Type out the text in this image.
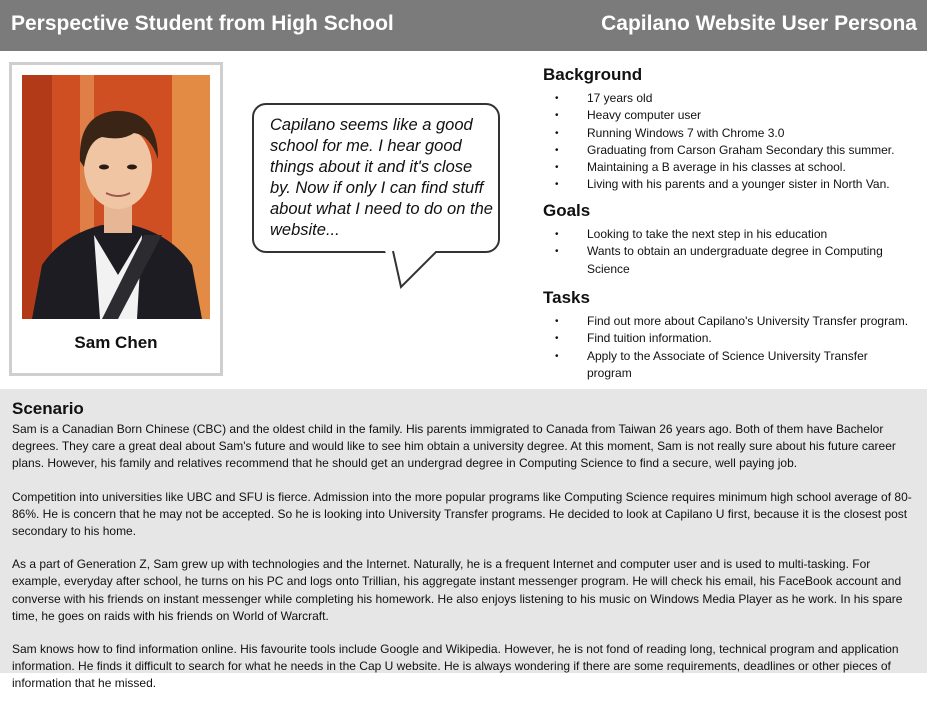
Perspective Student from High School	Capilano Website User Persona
Sam Chen
Capilano seems like a good school for me. I hear good things about it and it's close by. Now if only I can find stuff about what I need to do on the website...
Background
• 17 years old
• Heavy computer user
• Running Windows 7 with Chrome 3.0
• Graduating from Carson Graham Secondary this summer.
• Maintaining a B average in his classes at school.
• Living with his parents and a younger sister in North Van.
Goals
• Looking to take the next step in his education
• Wants to obtain an undergraduate degree in Computing Science
Tasks
• Find out more about Capilano's University Transfer program.
• Find tuition information.
• Apply to the Associate of Science University Transfer program
Scenario

Sam is a Canadian Born Chinese (CBC) and the oldest child in the family. His parents immigrated to Canada from Taiwan 26 years ago. Both of them have Bachelor degrees. They care a great deal about Sam's future and would like to see him obtain a university degree. At this moment, Sam is not really sure about his future career plans. However, his family and relatives recommend that he should get an undergrad degree in Computing Science to find a secure, well paying job.

Competition into universities like UBC and SFU is fierce. Admission into the more popular programs like Computing Science requires minimum high school average of 80-86%. He is concern that he may not be accepted. So he is looking into University Transfer programs. He decided to look at Capilano U first, because it is the closest post secondary to his home.

As a part of Generation Z, Sam grew up with technologies and the Internet. Naturally, he is a frequent Internet and computer user and is used to multi-tasking. For example, everyday after school, he turns on his PC and logs onto Trillian, his aggregate instant messenger program. He will check his email, his FaceBook account and converse with his friends on instant messenger while completing his homework. He also enjoys listening to his music on Windows Media Player as he work. In his spare time, he goes on raids with his friends on World of Warcraft.

Sam knows how to find information online. His favourite tools include Google and Wikipedia. However, he is not fond of reading long, technical program and application information. He finds it difficult to search for what he needs in the Cap U website. He is always wondering if there are some requirements, deadlines or other pieces of information that he missed.
